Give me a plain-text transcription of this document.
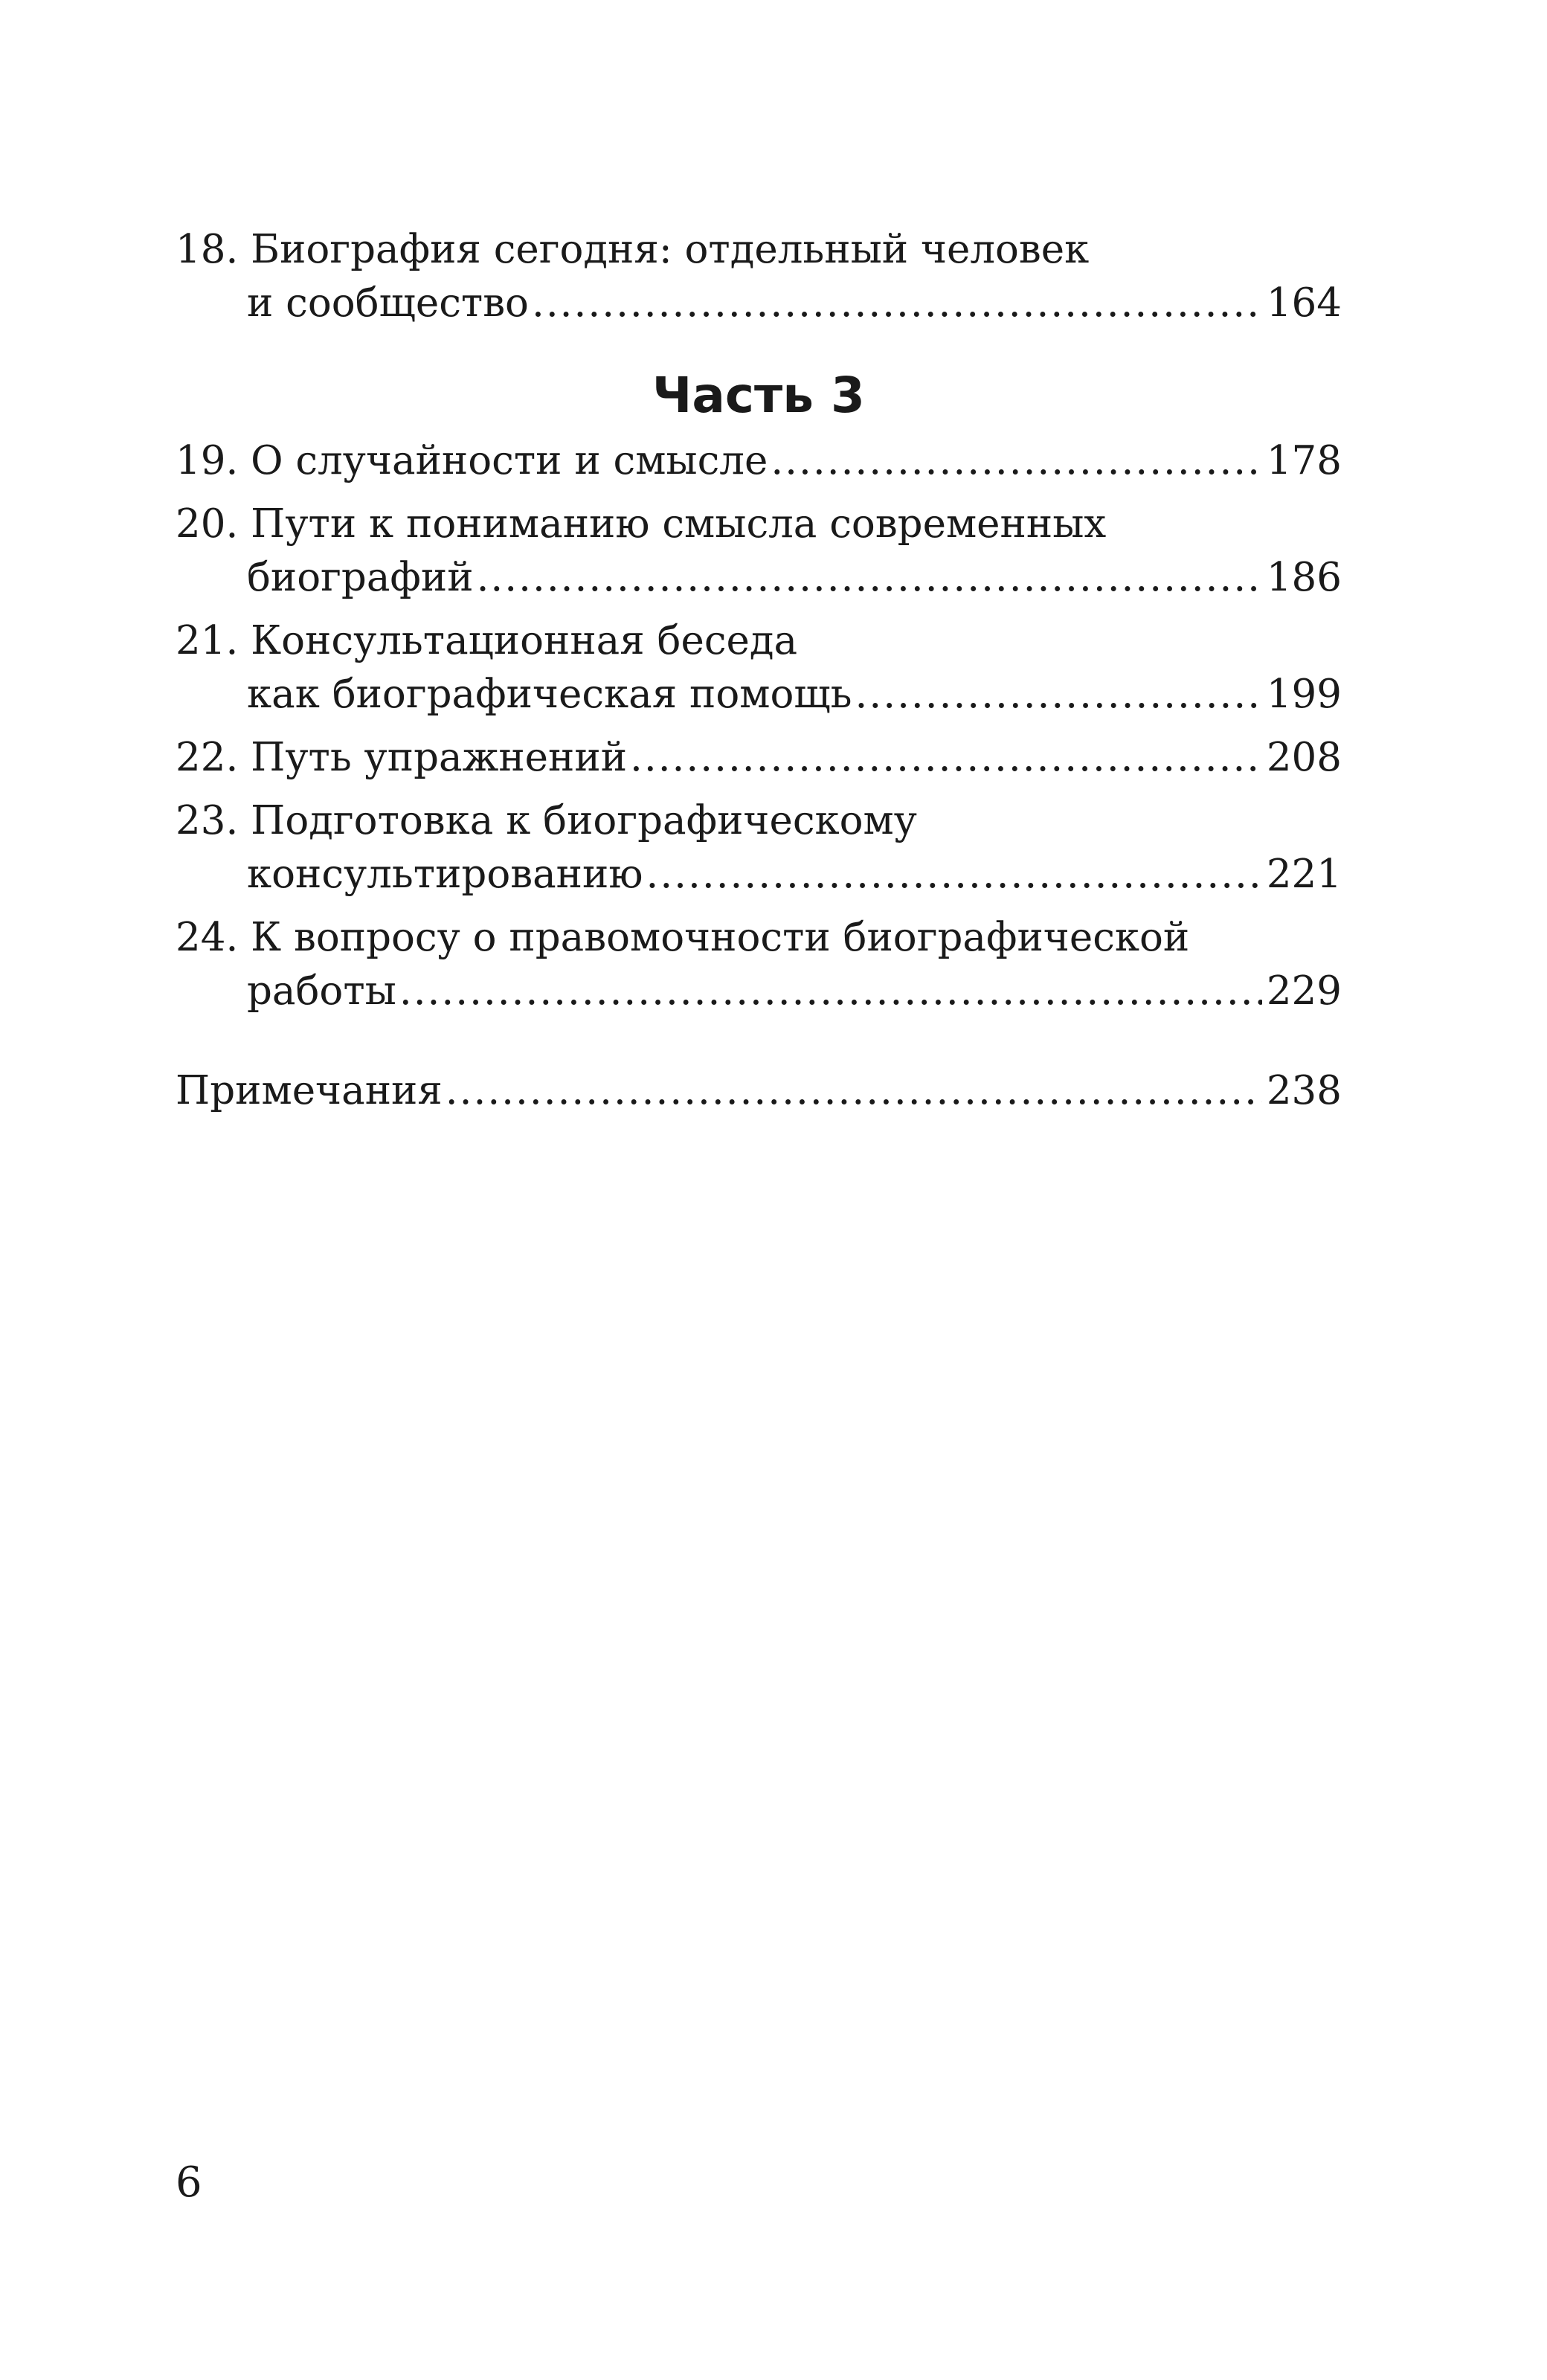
18. Биография сегодня: отдельный человек
и сообщество .....	164
Часть 3
19. О случайности и смысле .....	178
20. Пути к пониманию смысла современных
биографий .....	186
21. Консультационная беседа
как биографическая помощь .....	199
22. Путь упражнений .....	208
23. Подготовка к биографическому
консультированию .....	221
24. К вопросу о правомочности биографической
работы .....	229
Примечания .....	238
6
